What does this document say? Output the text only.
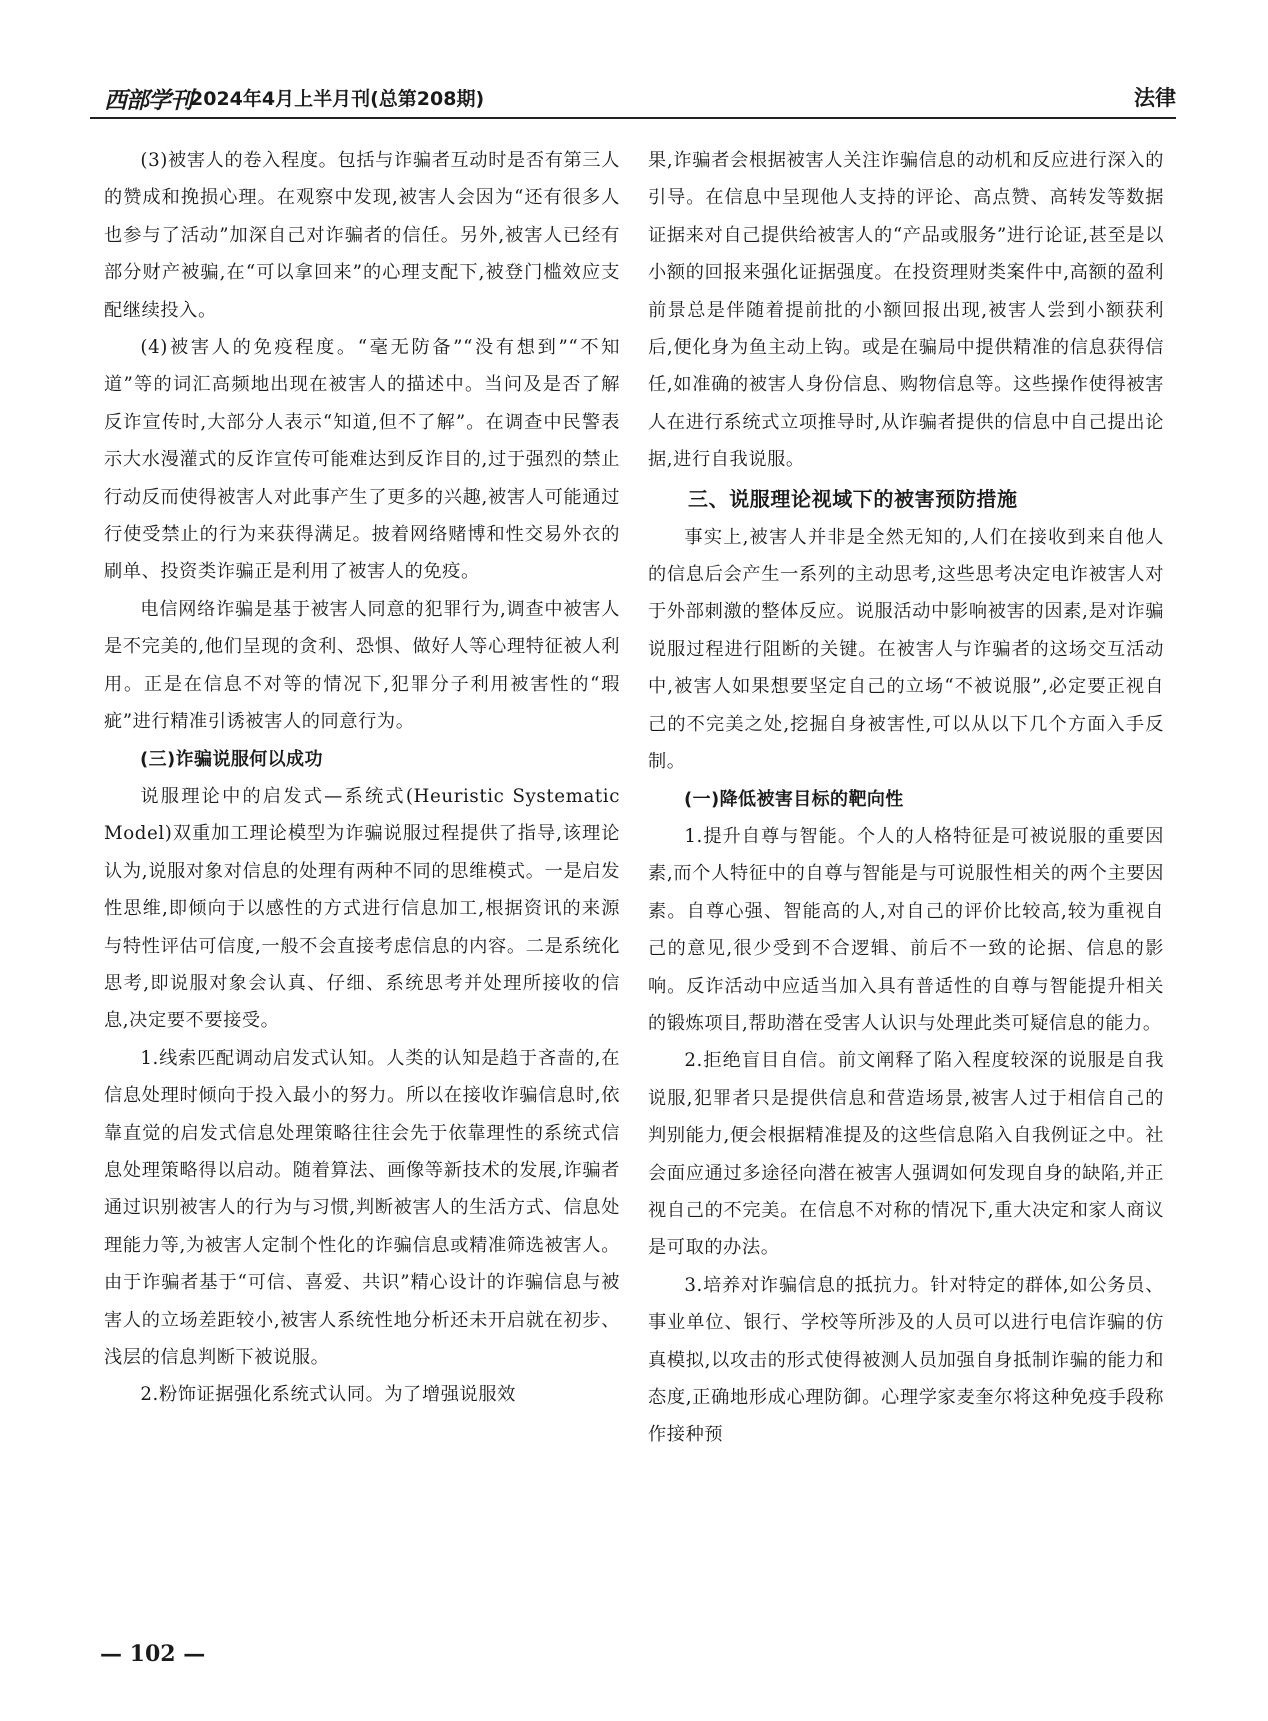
西部学刊
2024年4月上半月刊(总第208期)	法律

(3)被害人的卷入程度。包括与诈骗者互动时是否有第三人的赞成和挽损心理。在观察中发现,被害人会因为“还有很多人也参与了活动”加深自己对诈骗者的信任。另外,被害人已经有部分财产被骗,在“可以拿回来”的心理支配下,被登门槛效应支配继续投入。

(4)被害人的免疫程度。“毫无防备”“没有想到”“不知道”等的词汇高频地出现在被害人的描述中。当问及是否了解反诈宣传时,大部分人表示“知道,但不了解”。在调查中民警表示大水漫灌式的反诈宣传可能难达到反诈目的,过于强烈的禁止行动反而使得被害人对此事产生了更多的兴趣,被害人可能通过行使受禁止的行为来获得满足。披着网络赌博和性交易外衣的刷单、投资类诈骗正是利用了被害人的免疫。

电信网络诈骗是基于被害人同意的犯罪行为,调查中被害人是不完美的,他们呈现的贪利、恐惧、做好人等心理特征被人利用。正是在信息不对等的情况下,犯罪分子利用被害性的“瑕疵”进行精准引诱被害人的同意行为。

(三)诈骗说服何以成功

说服理论中的启发式—系统式(Heuristic Systematic Model)双重加工理论模型为诈骗说服过程提供了指导,该理论认为,说服对象对信息的处理有两种不同的思维模式。一是启发性思维,即倾向于以感性的方式进行信息加工,根据资讯的来源与特性评估可信度,一般不会直接考虑信息的内容。二是系统化思考,即说服对象会认真、仔细、系统思考并处理所接收的信息,决定要不要接受。

1.线索匹配调动启发式认知。人类的认知是趋于吝啬的,在信息处理时倾向于投入最小的努力。所以在接收诈骗信息时,依靠直觉的启发式信息处理策略往往会先于依靠理性的系统式信息处理策略得以启动。随着算法、画像等新技术的发展,诈骗者通过识别被害人的行为与习惯,判断被害人的生活方式、信息处理能力等,为被害人定制个性化的诈骗信息或精准筛选被害人。由于诈骗者基于“可信、喜爱、共识”精心设计的诈骗信息与被害人的立场差距较小,被害人系统性地分析还未开启就在初步、浅层的信息判断下被说服。

2.粉饰证据强化系统式认同。为了增强说服效

果,诈骗者会根据被害人关注诈骗信息的动机和反应进行深入的引导。在信息中呈现他人支持的评论、高点赞、高转发等数据证据来对自己提供给被害人的“产品或服务”进行论证,甚至是以小额的回报来强化证据强度。在投资理财类案件中,高额的盈利前景总是伴随着提前批的小额回报出现,被害人尝到小额获利后,便化身为鱼主动上钩。或是在骗局中提供精准的信息获得信任,如准确的被害人身份信息、购物信息等。这些操作使得被害人在进行系统式立项推导时,从诈骗者提供的信息中自己提出论据,进行自我说服。

三、说服理论视域下的被害预防措施

事实上,被害人并非是全然无知的,人们在接收到来自他人的信息后会产生一系列的主动思考,这些思考决定电诈被害人对于外部刺激的整体反应。说服活动中影响被害的因素,是对诈骗说服过程进行阻断的关键。在被害人与诈骗者的这场交互活动中,被害人如果想要坚定自己的立场“不被说服”,必定要正视自己的不完美之处,挖掘自身被害性,可以从以下几个方面入手反制。

(一)降低被害目标的靶向性

1.提升自尊与智能。个人的人格特征是可被说服的重要因素,而个人特征中的自尊与智能是与可说服性相关的两个主要因素。自尊心强、智能高的人,对自己的评价比较高,较为重视自己的意见,很少受到不合逻辑、前后不一致的论据、信息的影响。反诈活动中应适当加入具有普适性的自尊与智能提升相关的锻炼项目,帮助潜在受害人认识与处理此类可疑信息的能力。

2.拒绝盲目自信。前文阐释了陷入程度较深的说服是自我说服,犯罪者只是提供信息和营造场景,被害人过于相信自己的判别能力,便会根据精准提及的这些信息陷入自我例证之中。社会面应通过多途径向潜在被害人强调如何发现自身的缺陷,并正视自己的不完美。在信息不对称的情况下,重大决定和家人商议是可取的办法。

3.培养对诈骗信息的抵抗力。针对特定的群体,如公务员、事业单位、银行、学校等所涉及的人员可以进行电信诈骗的仿真模拟,以攻击的形式使得被测人员加强自身抵制诈骗的能力和态度,正确地形成心理防御。心理学家麦奎尔将这种免疫手段称作接种预

— 102 —
